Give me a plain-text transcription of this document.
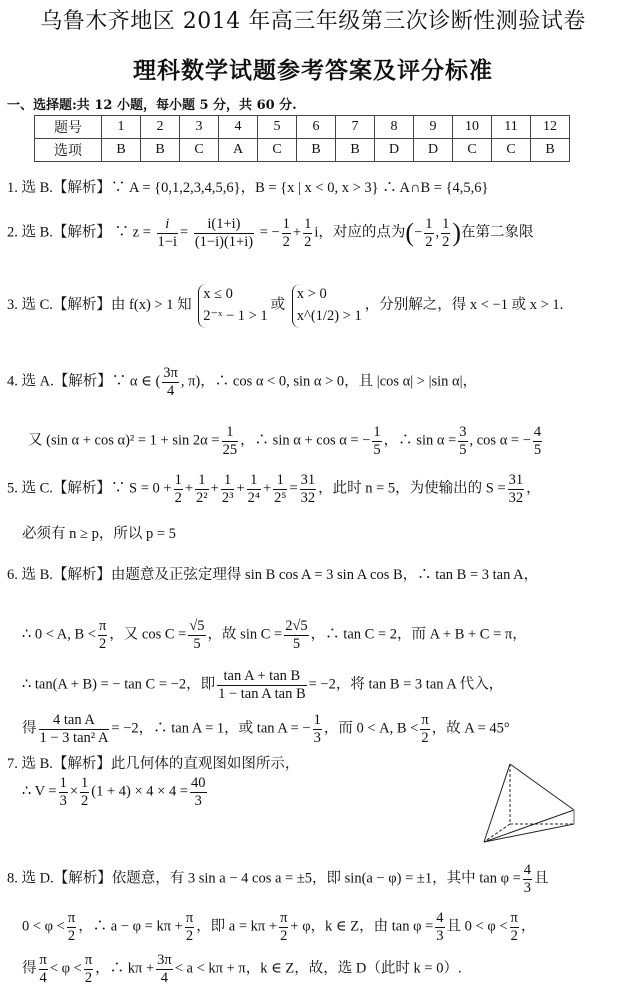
乌鲁木齐地区 2014 年高三年级第三次诊断性测验试卷
理科数学试题参考答案及评分标准
一、选择题:共 12 小题，每小题 5 分，共 60 分.
题号	1	2	3	4	5	6	7	8	9	10	11	12
选项	B	B	C	A	C	B	B	D	D	C	C	B
1. 选 B.【解析】∵ A = {0,1,2,3,4,5,6}，B = {x | x < 0, x > 3} ∴ A∩B = {4,5,6}
2. 选 B.【解析】 ∵ $z = \frac{i}{1-i} = \frac{i(1+i)}{(1-i)(1+i)}$ = − $\frac{1}{2} + \frac{1}{2}$ i，对应的点为(− $\frac{1}{2}$ , $\frac{1}{2}$ )在第二象限
3. 选 C.【解析】由 f(x) > 1 知
x ≤ 0
2⁻ˣ − 1 > 1
或
x > 0
x^(1/2) > 1
，分别解之，得 x < −1 或 x > 1.
4. 选 A.【解析】∵ α ∈ ( $\frac{3\pi}{4}$ , π)，∴ cos α < 0, sin α > 0，且 |cos α| > |sin α|，
又 (sin $\alpha + \cos \alpha)^2 = 1 + \sin 2\alpha = \frac{1}{25}$ ，∴ sin α + cos α = − $\frac{1}{5}$ ，∴ $\sin \alpha = \frac{3}{5}$ , cos α = − $\frac{4}{5}$
5. 选 C.【解析】∵ $S = 0 + \frac{1}{2} + \frac{1}{\text{2²}} + \frac{1}{\text{2³}} + \frac{1}{\text{2⁴}} + \frac{1}{\text{2⁵}} = \frac{31}{32}$ ，此时 n = 5，为使输出的 $S = \frac{31}{32}$ ，
必须有 n ≥ p，所以 p = 5
6. 选 B.【解析】由题意及正弦定理得 sin B cos A = 3 sin A cos B，∴ tan B = 3 tan A，
∴ 0 < A, $B < \frac{\pi}{2}$ ，又 $\cos C = \frac{√5}{5}$ ，故 $\sin C = \frac{2√5}{5}$ ，∴ tan C = 2，而 A + B + C = π，
∴ tan(A + B) = − tan C = −2，即 $\frac{\text{tan A + tan B}}{\text{1 − tan A tan B}} = -2$，将 tan B = 3 tan A 代入，
得 $\frac{\text{4 tan A}}{\text{1 − 3 tan² A}} = -2$，∴ tan A = 1，或 tan A = − $\frac{1}{3}$ ，而 0 < A, $B < \frac{\pi}{2}$ ，故 A = 45°
7. 选 B.【解析】此几何体的直观图如图所示，
∴ $V = \frac{1}{3} \times \frac{1}{2} (1 + 4) \times 4 \times 4 = \frac{40}{3}$
8. 选 D.【解析】依题意，有 3 sin a − 4 cos a = ±5，即 sin(a − φ) = ±1，其中 $\tan \varphi = \frac{4}{3}$ 且
$0 < \varphi < \frac{\pi}{2}$ ，∴ $a - \varphi = k\pi + \frac{\pi}{2}$ ，即 $a = k\pi + \frac{\pi}{2} + \varphi$，k ∈ Z，由 $\tan \varphi = \frac{4}{3}$ 且 $0 < \varphi < \frac{\pi}{2}$ ，
得 $\frac{\pi}{4} < \varphi < \frac{\pi}{2}$ ，∴ $k\pi + \frac{3\pi}{4} < a < k\pi + \pi$，k ∈ Z，故，选 D（此时 k = 0）.
